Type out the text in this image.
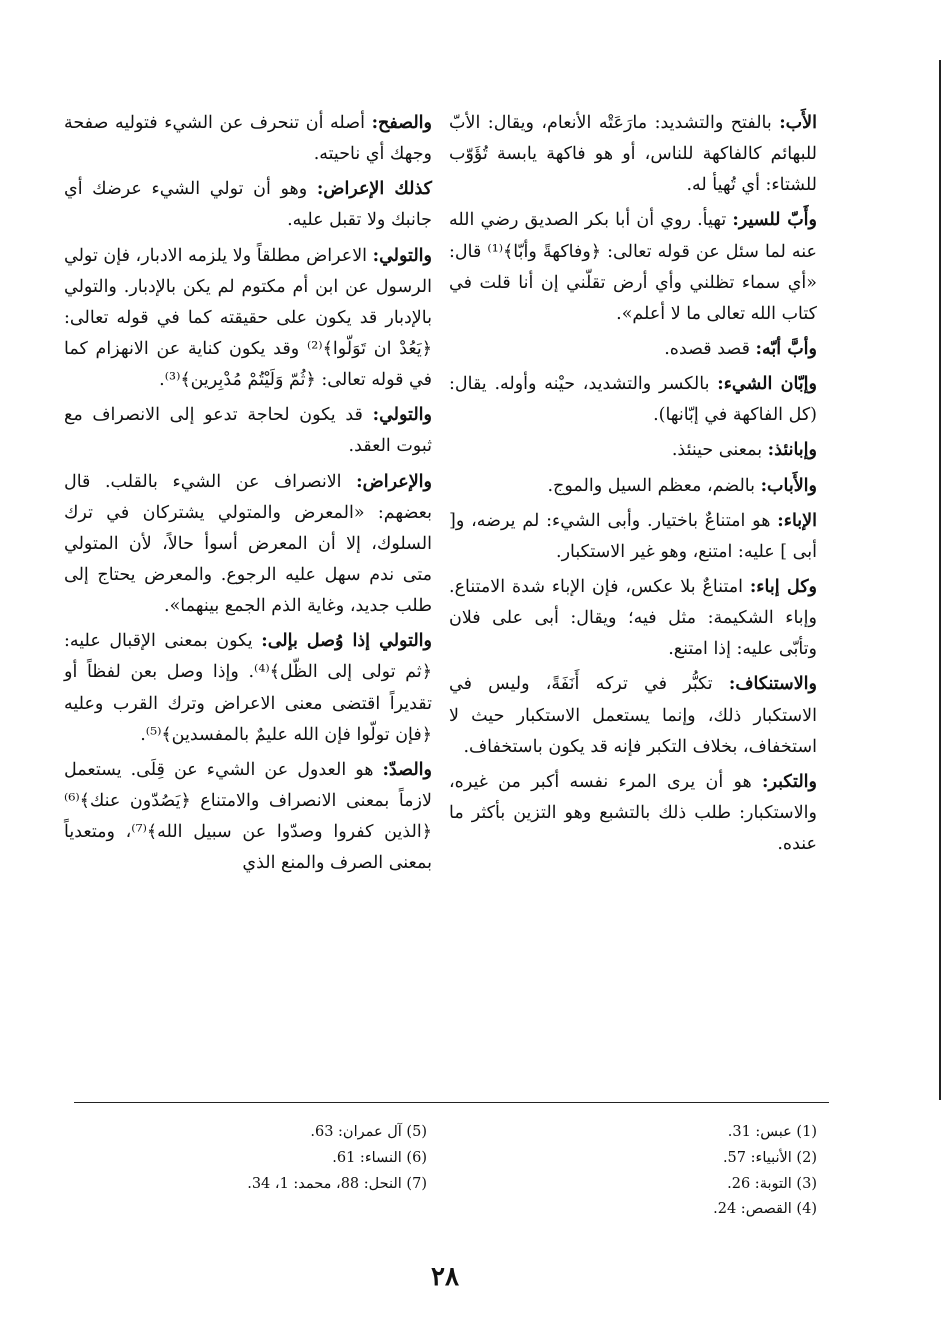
الأَب: بالفتح والتشديد: مارَعَتْه الأنعام، ويقال: الأبّ للبهائم كالفاكهة للناس، أو هو فاكهة يابسة تُؤَوّب للشتاء: أي تُهيأ له.

وأَبّ للسير: تهيأ. روي أن أبا بكر الصديق رضي الله عنه لما سئل عن قوله تعالى: ﴿وفاكهةً وأبّا﴾⁽¹⁾ قال: «أي سماء تظلني وأي أرض تقلّني إن أنا قلت في كتاب الله تعالى ما لا أعلم».

وأبَّ أبّه: قصد قصده.

وإبّان الشيء: بالكسر والتشديد، حيْنه وأوله. يقال: (كل الفاكهة في إبّانها).

وإبانئذ: بمعنى حينئذ.

والأَباب: بالضم، معظم السيل والموج.

الإباء: هو امتناعٌ باختيار. وأبى الشيء: لم يرضه، و[ أبى ] عليه: امتنع، وهو غير الاستكبار.

وكل إباء: امتناعٌ بلا عكس، فإن الإباء شدة الامتناع. وإباء الشكيمة: مثل فيه؛ ويقال: أبى على فلان وتأبّى عليه: إذا امتنع.

والاستنكاف: تكبُّر في تركه أَنَفَةً، وليس في الاستكبار ذلك، وإنما يستعمل الاستكبار حيث لا استخفاف، بخلاف التكبر فإنه قد يكون باستخفاف.

والتكبر: هو أن يرى المرء نفسه أكبر من غيره، والاستكبار: طلب ذلك بالتشبع وهو التزين بأكثر ما عنده.

والصفح: أصله أن تنحرف عن الشيء فتوليه صفحة وجهك أي ناحيته.

كذلك الإعراض: وهو أن تولي الشيء عرضك أي جانبك ولا تقبل عليه.

والتولي: الاعراض مطلقاً ولا يلزمه الادبار، فإن تولي الرسول عن ابن أم مكتوم لم يكن بالإدبار. والتولي بالإدبار قد يكون على حقيقته كما في قوله تعالى: ﴿يَعُدْ ان تَوَلّوا﴾⁽²⁾ وقد يكون كناية عن الانهزام كما في قوله تعالى: ﴿ثُمّ وَلَيْتُمْ مُدْبِرين﴾⁽³⁾.

والتولي: قد يكون لحاجة تدعو إلى الانصراف مع ثبوت العقد.

والإعراض: الانصراف عن الشيء بالقلب. قال بعضهم: «المعرض والمتولي يشتركان في ترك السلوك، إلا أن المعرض أسوأ حالاً، لأن المتولي متى ندم سهل عليه الرجوع. والمعرض يحتاج إلى طلب جديد، وغاية الذم الجمع بينهما».

والتولي إذا وُصل بإلى: يكون بمعنى الإقبال عليه: ﴿ثم تولى إلى الظّل﴾⁽⁴⁾. وإذا وصل بعن لفظاً أو تقديراً اقتضى معنى الاعراض وترك القرب وعليه ﴿فإن تولّوا فإن الله عليمٌ بالمفسدين﴾⁽⁵⁾.

والصدّ: هو العدول عن الشيء عن قِلَى. يستعمل لازماً بمعنى الانصراف والامتناع ﴿يَصُدّون عنك﴾⁽⁶⁾ ﴿الذين كفروا وصدّوا عن سبيل الله﴾⁽⁷⁾، ومتعدياً بمعنى الصرف والمنع الذي

(1) عبس: 31.
(2) الأنبياء: 57.
(3) التوبة: 26.
(4) القصص: 24.
(5) آل عمران: 63.
(6) النساء: 61.
(7) النحل: 88، محمد: 1، 34.
٢٨
